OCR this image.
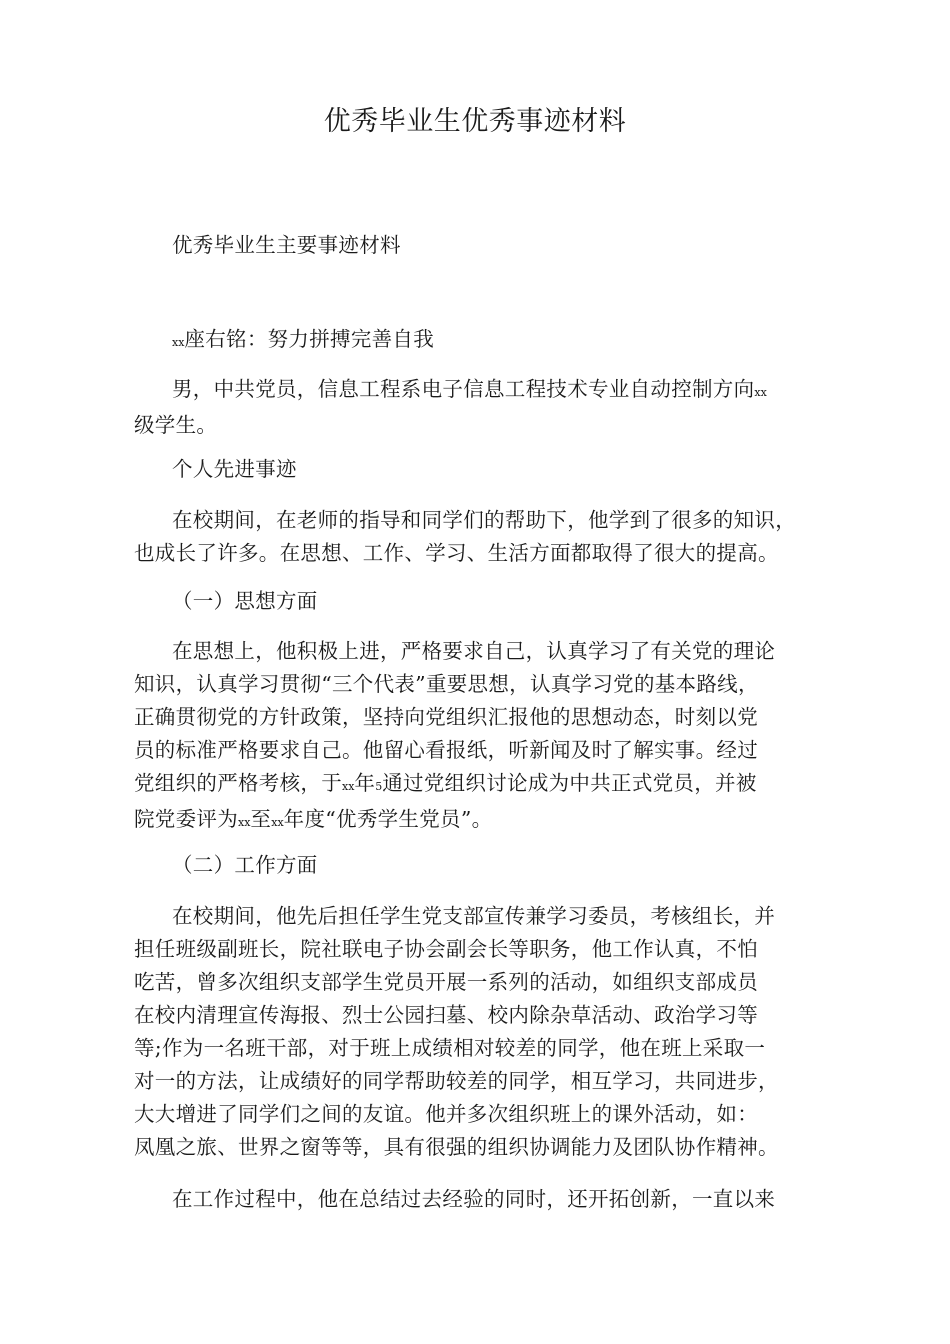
优秀毕业生优秀事迹材料

优秀毕业生主要事迹材料

xx座右铭：努力拼搏完善自我

男，中共党员，信息工程系电子信息工程技术专业自动控制方向xx
级学生。

个人先进事迹

在校期间，在老师的指导和同学们的帮助下，他学到了很多的知识，
也成长了许多。在思想、工作、学习、生活方面都取得了很大的提高。

（一）思想方面

在思想上，他积极上进，严格要求自己，认真学习了有关党的理论
知识，认真学习贯彻“三个代表”重要思想，认真学习党的基本路线，
正确贯彻党的方针政策，坚持向党组织汇报他的思想动态，时刻以党
员的标准严格要求自己。他留心看报纸，听新闻及时了解实事。经过
党组织的严格考核，于xx年5通过党组织讨论成为中共正式党员，并被
院党委评为xx至xx年度“优秀学生党员”。

（二）工作方面

在校期间，他先后担任学生党支部宣传兼学习委员，考核组长，并
担任班级副班长，院社联电子协会副会长等职务，他工作认真，不怕
吃苦，曾多次组织支部学生党员开展一系列的活动，如组织支部成员
在校内清理宣传海报、烈士公园扫墓、校内除杂草活动、政治学习等
等;作为一名班干部，对于班上成绩相对较差的同学，他在班上采取一
对一的方法，让成绩好的同学帮助较差的同学，相互学习，共同进步，
大大增进了同学们之间的友谊。他并多次组织班上的课外活动，如：
凤凰之旅、世界之窗等等，具有很强的组织协调能力及团队协作精神。

在工作过程中，他在总结过去经验的同时，还开拓创新，一直以来
